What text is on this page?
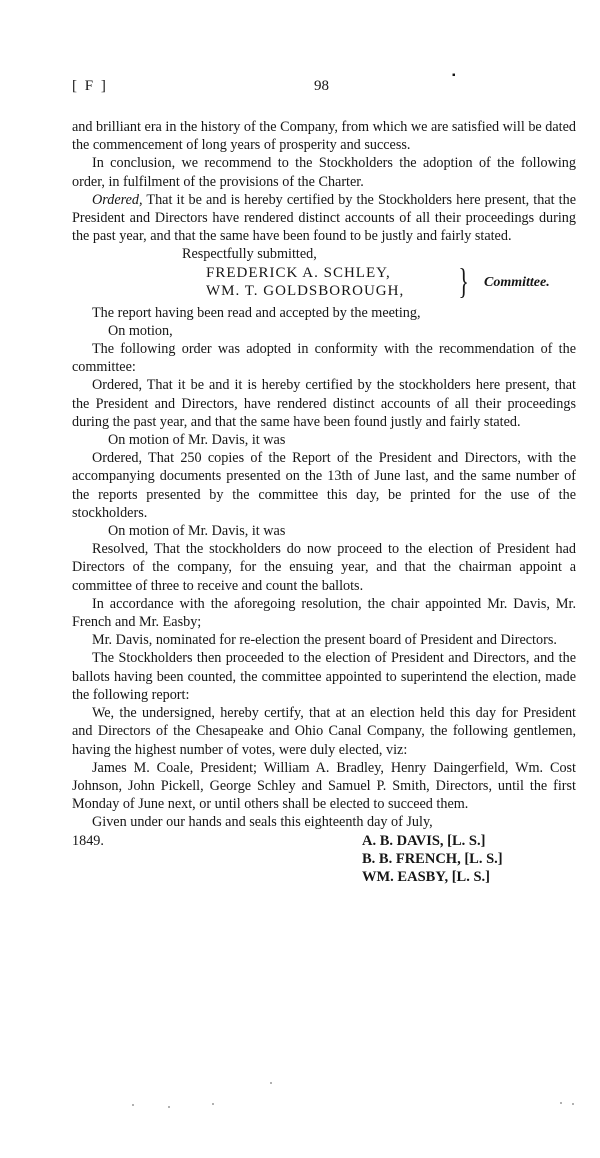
[ F ]	98
▪

and brilliant era in the history of the Company, from which we are satisfied will be dated the commencement of long years of prosperity and success.

In conclusion, we recommend to the Stockholders the adoption of the following order, in fulfilment of the provisions of the Charter.

Ordered, That it be and is hereby certified by the Stockholders here present, that the President and Directors have rendered distinct accounts of all their proceedings during the past year, and that the same have been found to be justly and fairly stated.

Respectfully submitted,

FREDERICK A. SCHLEY,
WM. T. GOLDSBOROUGH, } Committee.

The report having been read and accepted by the meeting,

On motion,

The following order was adopted in conformity with the recommendation of the committee:

Ordered, That it be and it is hereby certified by the stockholders here present, that the President and Directors, have rendered distinct accounts of all their proceedings during the past year, and that the same have been found justly and fairly stated.

On motion of Mr. Davis, it was

Ordered, That 250 copies of the Report of the President and Directors, with the accompanying documents presented on the 13th of June last, and the same number of the reports presented by the committee this day, be printed for the use of the stockholders.

On motion of Mr. Davis, it was

Resolved, That the stockholders do now proceed to the election of President had Directors of the company, for the ensuing year, and that the chairman appoint a committee of three to receive and count the ballots.

In accordance with the aforegoing resolution, the chair appointed Mr. Davis, Mr. French and Mr. Easby;

Mr. Davis, nominated for re-election the present board of President and Directors.

The Stockholders then proceeded to the election of President and Directors, and the ballots having been counted, the committee appointed to superintend the election, made the following report:

We, the undersigned, hereby certify, that at an election held this day for President and Directors of the Chesapeake and Ohio Canal Company, the following gentlemen, having the highest number of votes, were duly elected, viz:

James M. Coale, President; William A. Bradley, Henry Daingerfield, Wm. Cost Johnson, John Pickell, George Schley and Samuel P. Smith, Directors, until the first Monday of June next, or until others shall be elected to succeed them.

Given under our hands and seals this eighteenth day of July,

1849.	A. B. DAVIS, [L. S.]
B. B. FRENCH, [L. S.]
WM. EASBY, [L. S.]
